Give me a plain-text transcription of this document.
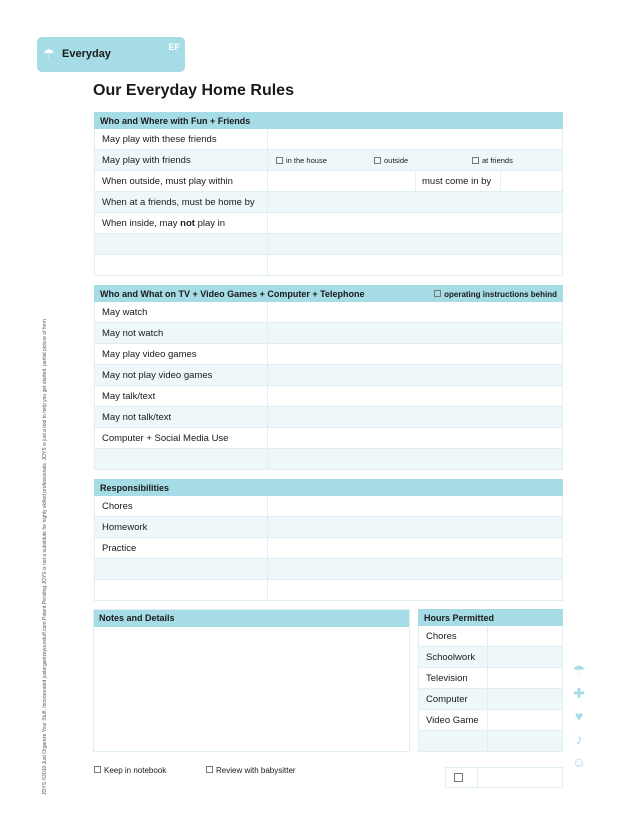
☂ Everyday
EF
Our Everyday Home Rules
Who and Where with Fun + Friends
May play with these friends
May play with friends	in the house	outside	at friends
When outside, must play within	must come in by
When at a friends, must be home by
When inside, may not play in
Who and What on TV + Video Games + Computer + Telephone	operating instructions behind
May watch
May not watch
May play video games
May not play video games
May talk/text
May not talk/text
Computer + Social Media Use
Responsibilities
Chores
Homework
Practice
Notes and Details	Hours Permitted
Chores
Schoolwork
Television
Computer
Video Game
Keep in notebook	Review with babysitter
☂
✚
♥
♪
☺
JOYS ©2010 Just Organize Your Stuff, Incorporated justorganizeyourstuff.com Patent Pending JOYS is not a substitute for highly skilled professionals. JOYS is just a tool to help you get started. partial picture of form
